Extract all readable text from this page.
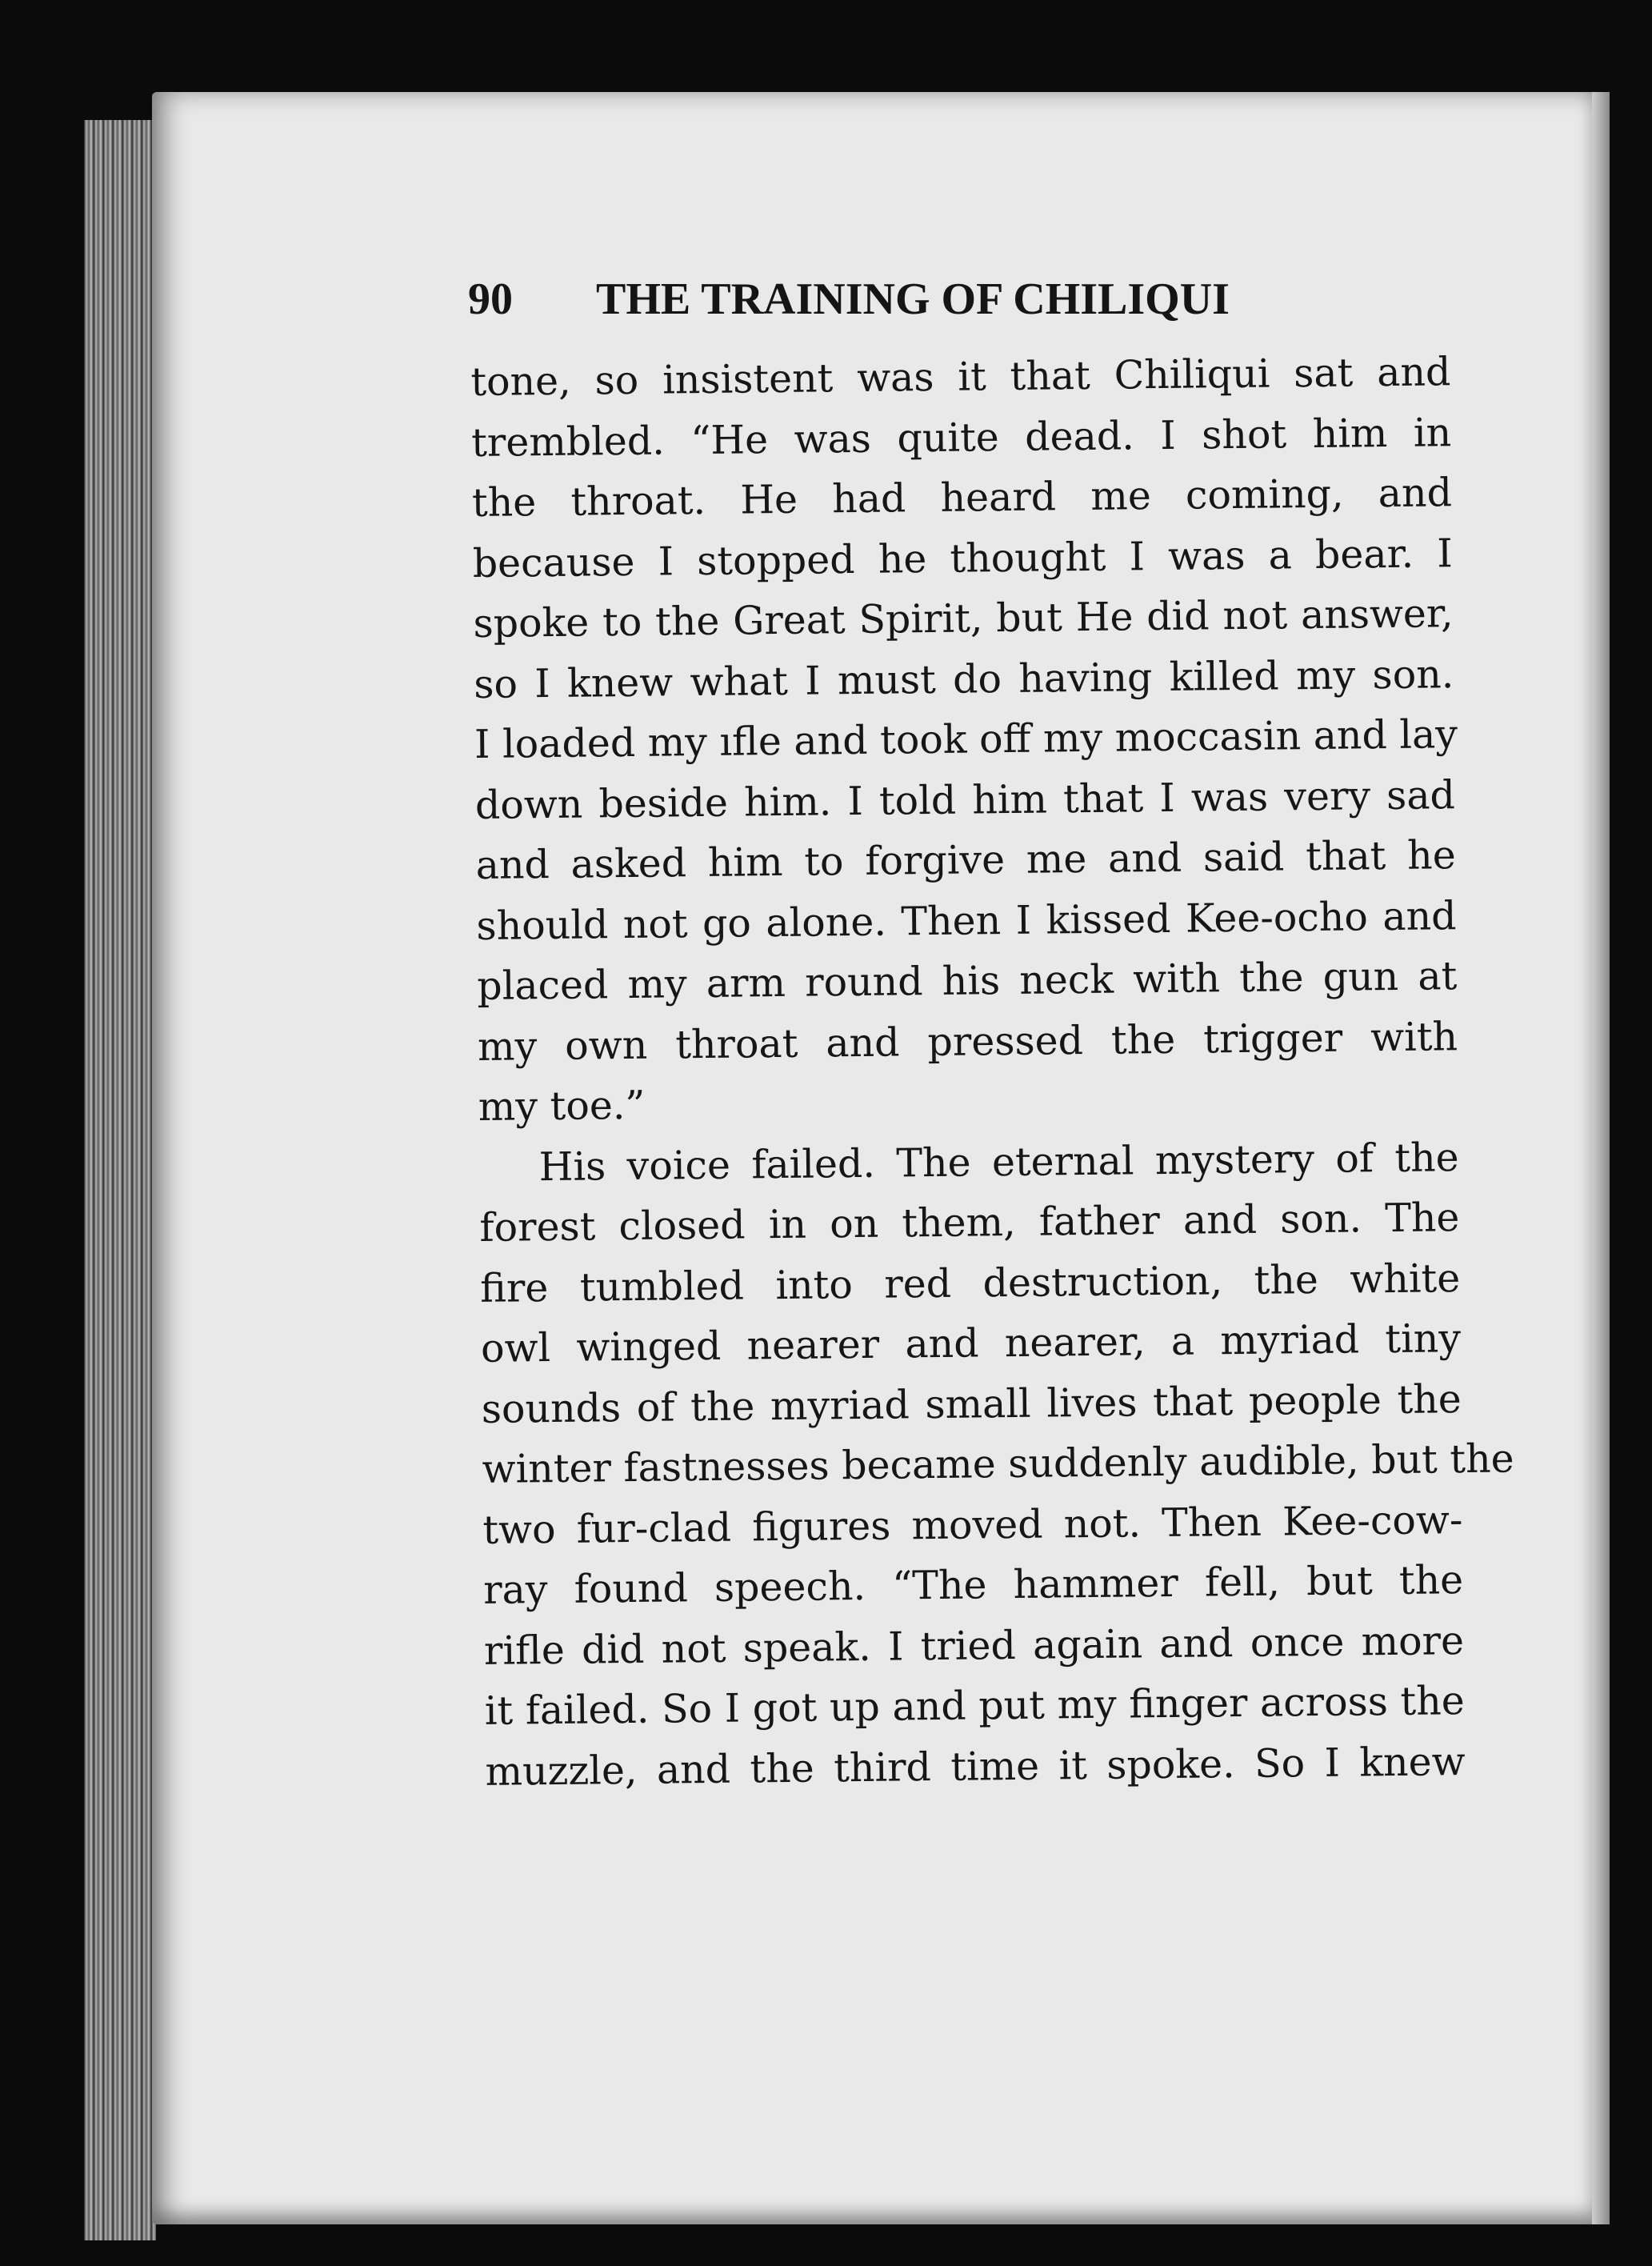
90 THE TRAINING OF CHILIQUI
tone, so insistent was it that Chiliqui sat and
trembled. “He was quite dead. I shot him in
the throat. He had heard me coming, and
because I stopped he thought I was a bear. I
spoke to the Great Spirit, but He did not answer,
so I knew what I must do having killed my son.
I loaded my ıfle and took off my moccasin and lay
down beside him. I told him that I was very sad
and asked him to forgive me and said that he
should not go alone. Then I kissed Kee-ocho and
placed my arm round his neck with the gun at
my own throat and pressed the trigger with
my toe.”
His voice failed. The eternal mystery of the
forest closed in on them, father and son. The
fire tumbled into red destruction, the white
owl winged nearer and nearer, a myriad tiny
sounds of the myriad small lives that people the
winter fastnesses became suddenly audible, but the
two fur-clad figures moved not. Then Kee-cow-
ray found speech. “The hammer fell, but the
rifle did not speak. I tried again and once more
it failed. So I got up and put my finger across the
muzzle, and the third time it spoke. So I knew
